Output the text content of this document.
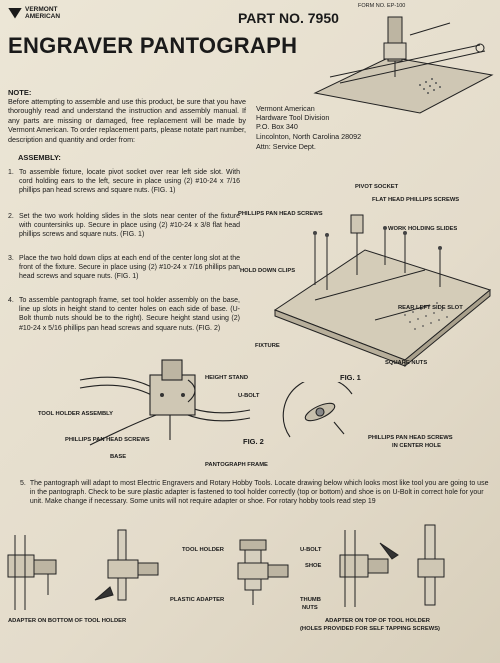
VERMONT
AMERICAN
FORM NO. EP-100
PART NO. 7950
ENGRAVER PANTOGRAPH
NOTE:
Before attempting to assemble and use this product, be sure that you have thoroughly read and understand the instruction and assembly manual. If any parts are missing or damaged, free replacement will be made by Vermont American. To order replacement parts, please notate part number, description and quantity and order from:
Vermont American
Hardware Tool Division
P.O. Box 340
Lincolnton, North Carolina 28092
Attn: Service Dept.
ASSEMBLY:
1. To assemble fixture, locate pivot socket over rear left side slot. With cord holding ears to the left, secure in place using (2) #10-24 x 7/16 phillips pan head screws and square nuts. (FIG. 1)
2. Set the two work holding slides in the slots near center of the fixture with countersinks up. Secure in place using (2) #10-24 x 3/8 flat head phillips screws and square nuts. (FIG. 1)
3. Place the two hold down clips at each end of the center long slot at the front of the fixture. Secure in place using (2) #10-24 x 7/16 phillips pan head screws and square nuts. (FIG. 1)
4. To assemble pantograph frame, set tool holder assembly on the base, line up slots in height stand to center holes on each side of base. (U-Bolt thumb nuts should be to the right). Secure height stand using (2) #10-24 x 5/16 phillips pan head screws and square nuts. (FIG. 2)
PIVOT SOCKET
FLAT HEAD PHILLIPS SCREWS
PHILLIPS PAN HEAD SCREWS
WORK HOLDING SLIDES
HOLD DOWN CLIPS
REAR LEFT SIDE SLOT
FIXTURE
SQUARE NUTS
FIG. 1
HEIGHT STAND
U-BOLT
TOOL HOLDER ASSEMBLY
PHILLIPS PAN HEAD SCREWS
BASE
FIG. 2
PANTOGRAPH FRAME
PHILLIPS PAN HEAD SCREWS
IN CENTER HOLE
5. The pantograph will adapt to most Electric Engravers and Rotary Hobby Tools. Locate drawing below which looks most like tool you are going to use in the pantograph. Check to be sure plastic adapter is fastened to tool holder correctly (top or bottom) and shoe is on U-Bolt in correct hole for your unit. Make change if necessary. Some units will not require adapter or shoe. For rotary hobby tools read step 19
TOOL HOLDER	U-BOLT
SHOE
PLASTIC ADAPTER	THUMB
NUTS
ADAPTER ON BOTTOM OF TOOL HOLDER	ADAPTER ON TOP OF TOOL HOLDER
(HOLES PROVIDED FOR SELF TAPPING SCREWS)
